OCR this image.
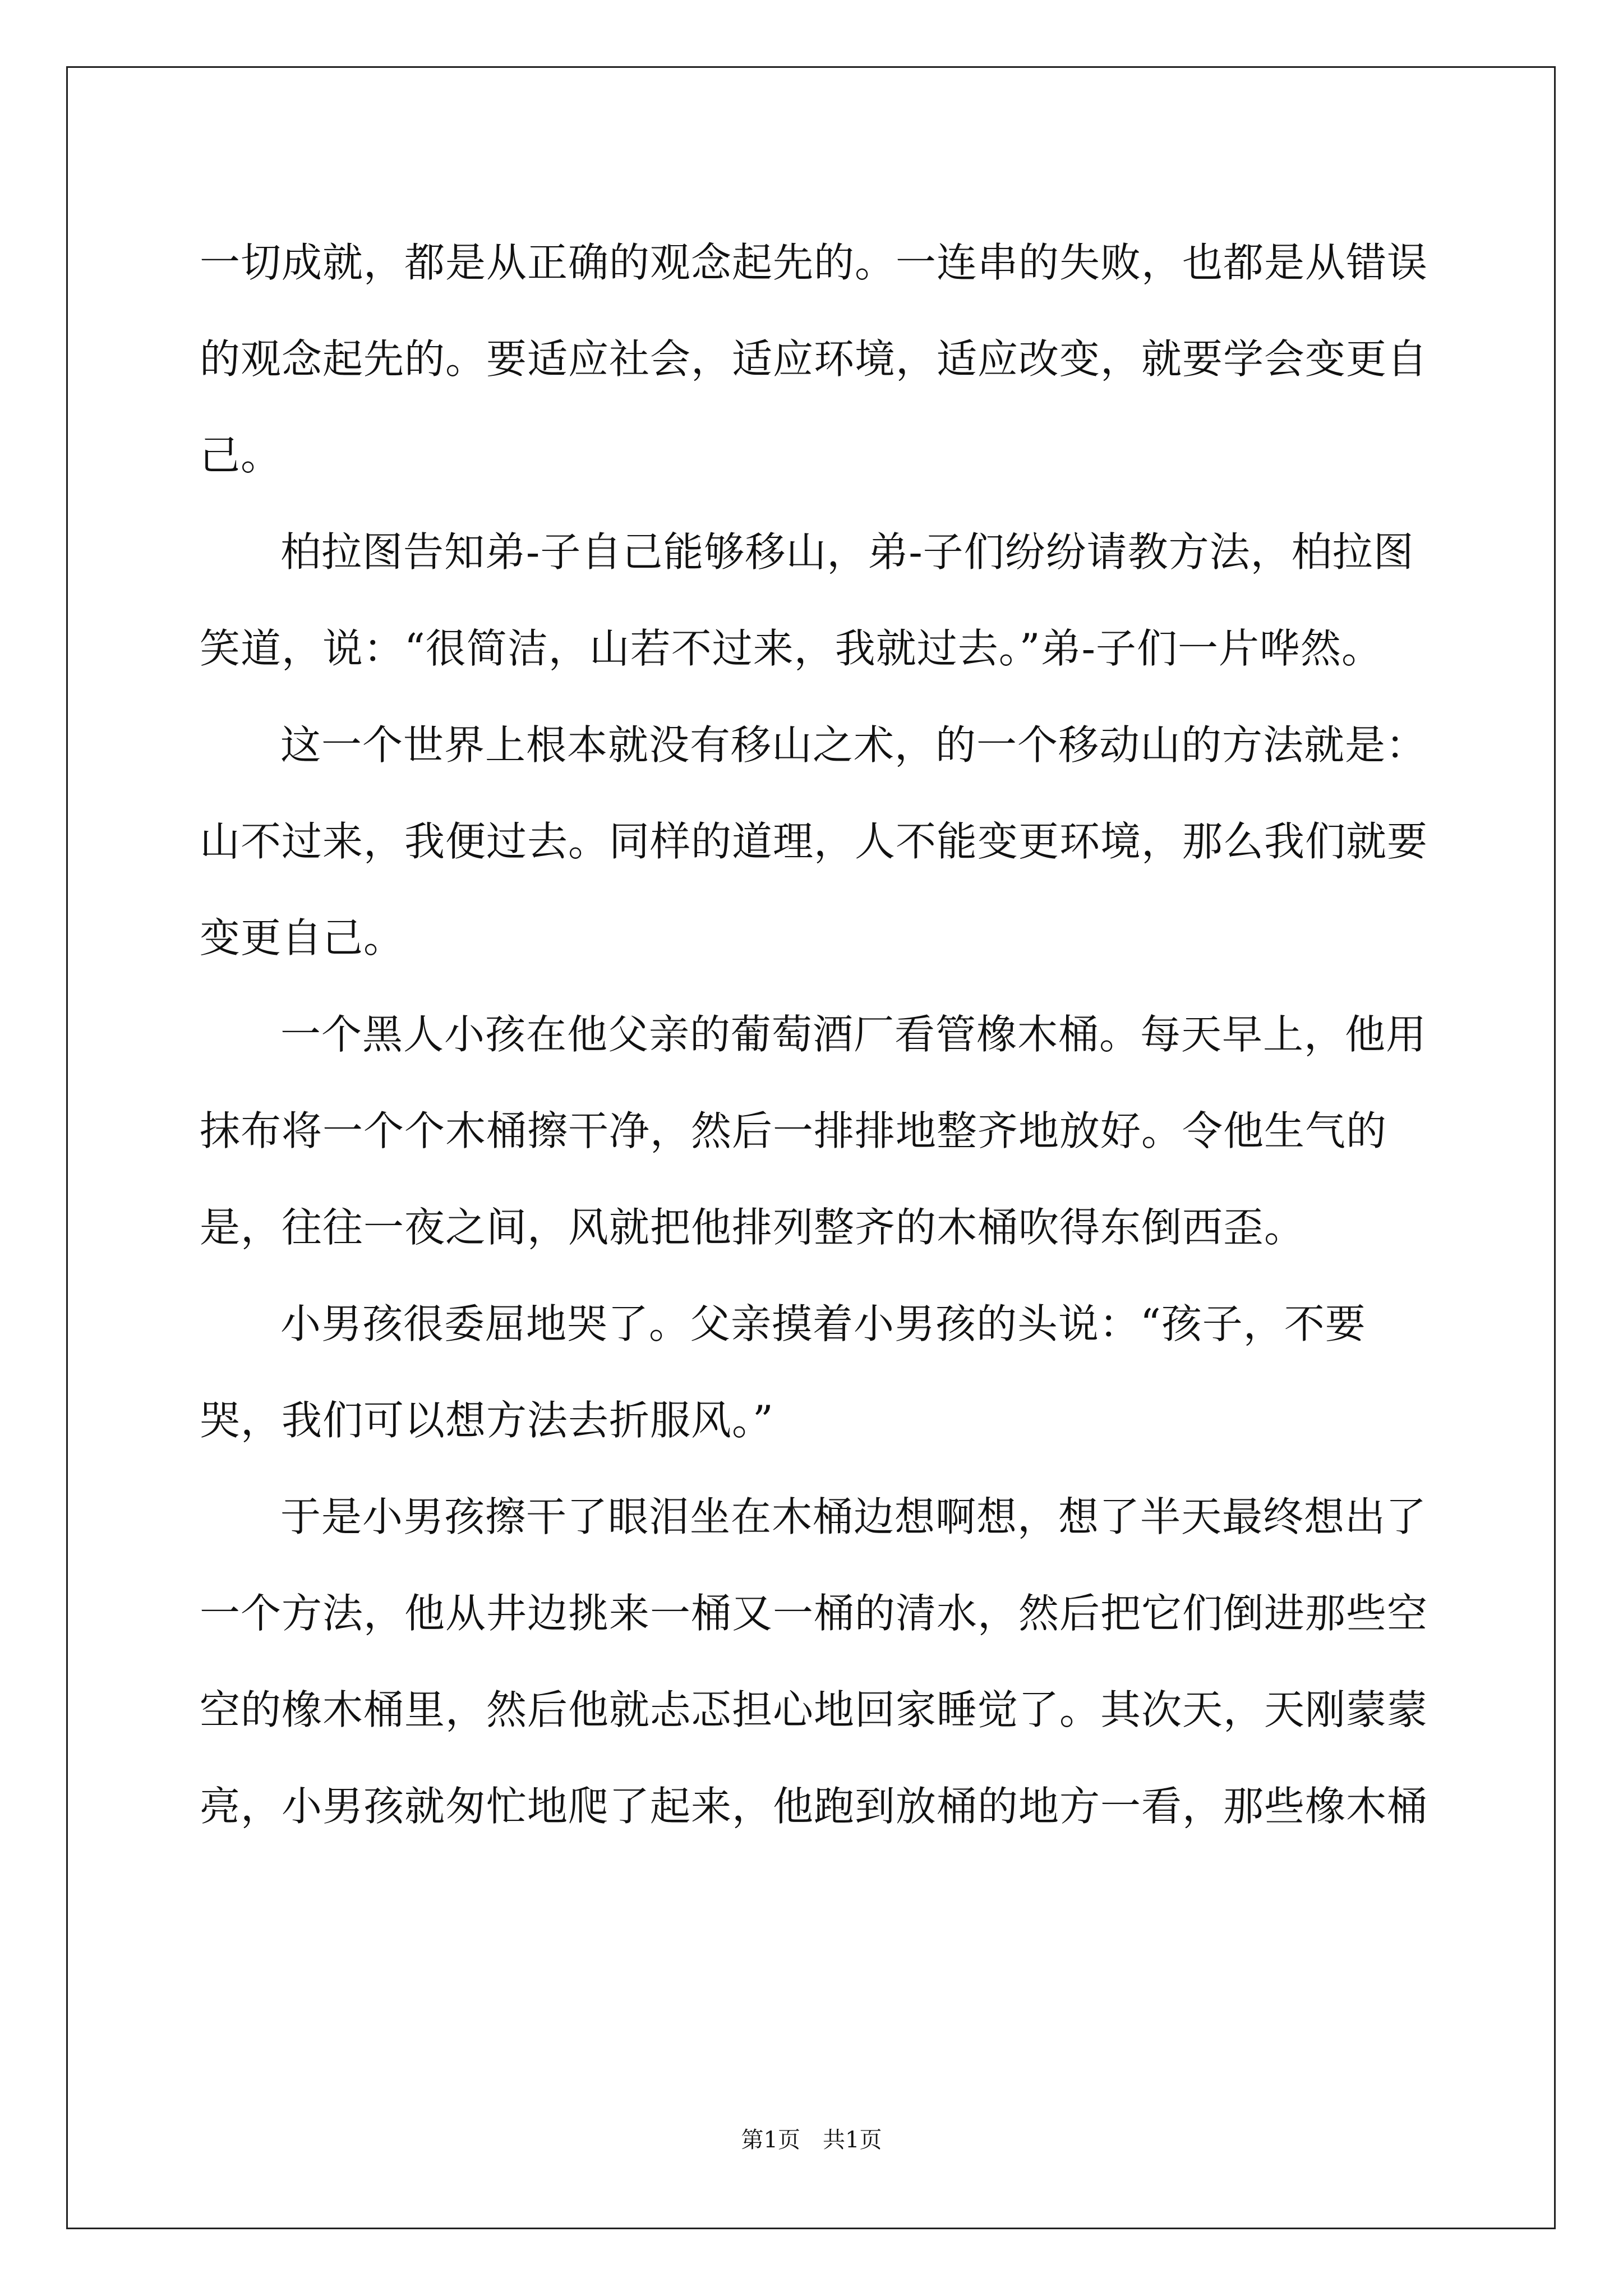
一切成就，都是从正确的观念起先的。一连串的失败，也都是从错误的观念起先的。要适应社会，适应环境，适应改变，就要学会变更自己。

柏拉图告知弟-子自己能够移山，弟-子们纷纷请教方法，柏拉图笑道，说：“很简洁，山若不过来，我就过去。”弟-子们一片哗然。

这一个世界上根本就没有移山之术，的一个移动山的方法就是：山不过来，我便过去。同样的道理，人不能变更环境，那么我们就要变更自己。

一个黑人小孩在他父亲的葡萄酒厂看管橡木桶。每天早上，他用抹布将一个个木桶擦干净，然后一排排地整齐地放好。令他生气的是，往往一夜之间，风就把他排列整齐的木桶吹得东倒西歪。

小男孩很委屈地哭了。父亲摸着小男孩的头说：“孩子，不要哭，我们可以想方法去折服风。”

于是小男孩擦干了眼泪坐在木桶边想啊想，想了半天最终想出了一个方法，他从井边挑来一桶又一桶的清水，然后把它们倒进那些空空的橡木桶里，然后他就忐忑担心地回家睡觉了。其次天，天刚蒙蒙亮，小男孩就匆忙地爬了起来，他跑到放桶的地方一看，那些橡木桶

第1页 共1页
